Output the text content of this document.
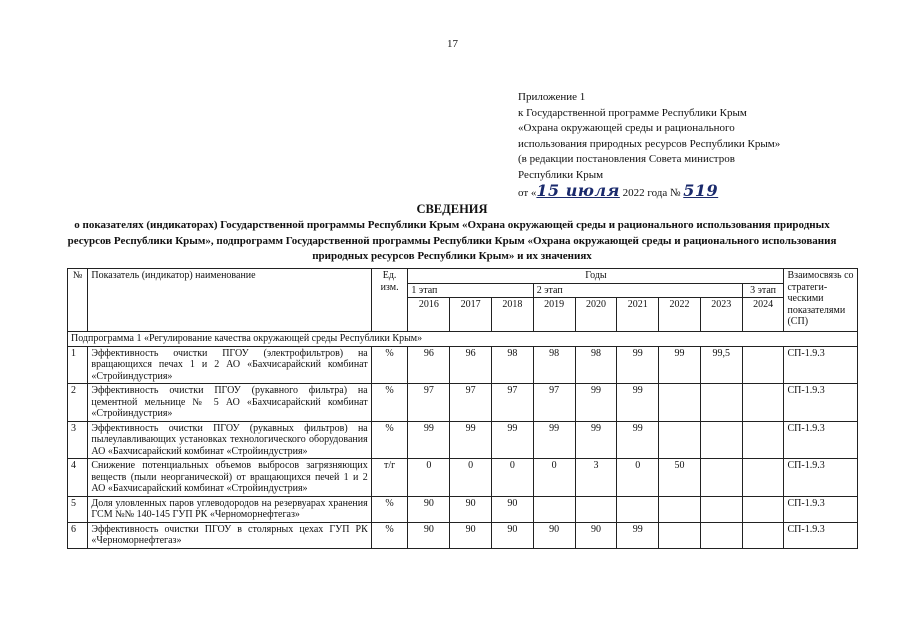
17
Приложение 1
к Государственной программе Республики Крым
«Охрана окружающей среды и рационального
использования природных ресурсов Республики Крым»
(в редакции постановления Совета министров
Республики Крым
от «15 июля 2022 года № 519
СВЕДЕНИЯ
о показателях (индикаторах) Государственной программы Республики Крым «Охрана окружающей среды и рационального использования природных ресурсов Республики Крым», подпрограмм Государственной программы Республики Крым «Охрана окружающей среды и рационального использования природных ресурсов Республики Крым» и их значениях
№	Показатель (индикатор) наименование	Ед. изм.	Годы									Взаимосвязь со стратеги-ческими показателями (СП)
			1 этап			2 этап					3 этап	
			2016	2017	2018	2019	2020	2021	2022	2023	2024	
Подпрограмма 1 «Регулирование качества окружающей среды Республики Крым»												
1	Эффективность очистки ПГОУ (электрофильтров) на вращающихся печах 1 и 2 АО «Бахчисарайский комбинат «Стройиндустрия»	%	96	96	98	98	98	99	99	99,5		СП-1.9.3
2	Эффективность очистки ПГОУ (рукавного фильтра) на цементной мельнице № 5 АО «Бахчисарайский комбинат «Стройиндустрия»	%	97	97	97	97	99	99				СП-1.9.3
3	Эффективность очистки ПГОУ (рукавных фильтров) на пылеулавливающих установках технологического оборудования АО «Бахчисарайский комбинат «Стройиндустрия»	%	99	99	99	99	99	99				СП-1.9.3
4	Снижение потенциальных объемов выбросов загрязняющих веществ (пыли неорганической) от вращающихся печей 1 и 2 АО «Бахчисарайский комбинат «Стройиндустрия»	т/г	0	0	0	0	3	0	50			СП-1.9.3
5	Доля уловленных паров углеводородов на резервуарах хранения ГСМ №№ 140-145 ГУП РК «Черноморнефтегаз»	%	90	90	90							СП-1.9.3
6	Эффективность очистки ПГОУ в столярных цехах ГУП РК «Черноморнефтегаз»	%	90	90	90	90	90	99				СП-1.9.3
